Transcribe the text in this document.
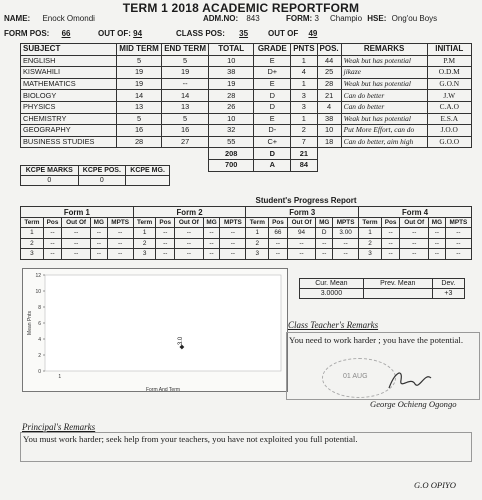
TERM 1 2018 ACADEMIC REPORTFORM
NAME: Enock Omondi	ADM.NO: 843	FORM: 3 Champio HSE: Ong'ou Boys
FORM POS: 66	OUT OF: 94	CLASS POS: 35 OUT OF 49
SUBJECT	MID TERM	END TERM	TOTAL	GRADE	PNTS	POS.	REMARKS	INITIAL
ENGLISH	5	5	10	E	1	44	Weak but has potential	P.M
KISWAHILI	19	19	38	D+	4	25	jikaze	O.D.M
MATHEMATICS	19	--	19	E	1	28	Weak but has potential	G.O.N
BIOLOGY	14	14	28	D	3	21	Can do better	J.W
PHYSICS	13	13	26	D	3	4	Can do better	C.A.O
CHEMISTRY	5	5	10	E	1	38	Weak but has potential	E.S.A
GEOGRAPHY	16	16	32	D-	2	10	Put More Effort, can do	J.O.O
BUSINESS STUDIES	28	27	55	C+	7	18	Can do better, aim high	G.O.O
			208	D	21			
			700	A	84			
KCPE MARKS	KCPE POS.	KCPE MG.
0	0	
Student's Progress Report
Form 1					Form 2					Form 3					Form 4				
Term	Pos	Out Of	MG	MPTS	Term	Pos	Out Of	MG	MPTS	Term	Pos	Out Of	MG	MPTS	Term	Pos	Out Of	MG	MPTS
1	--	--	--	--	1	--	--	--	--	1	66	94	D	3.00	1	--	--	--	--
2	--	--	--	--	2	--	--	--	--	2	--	--	--	--	2	--	--	--	--
3	--	--	--	--	3	--	--	--	--	3	--	--	--	--	3	--	--	--	--
0
2
4
6
8
10
12
1
Mean Pnts
Form And Term
3.0
Cur. Mean	Prev. Mean	Dev.
3.0000		+3
Class Teacher's Remarks
You need to work harder ; you have the potential.
01 AUG
George Ochieng Ogongo
Principal's Remarks
You must work harder; seek help from your teachers, you have not exploited you full potential.
G.O OPIYO
